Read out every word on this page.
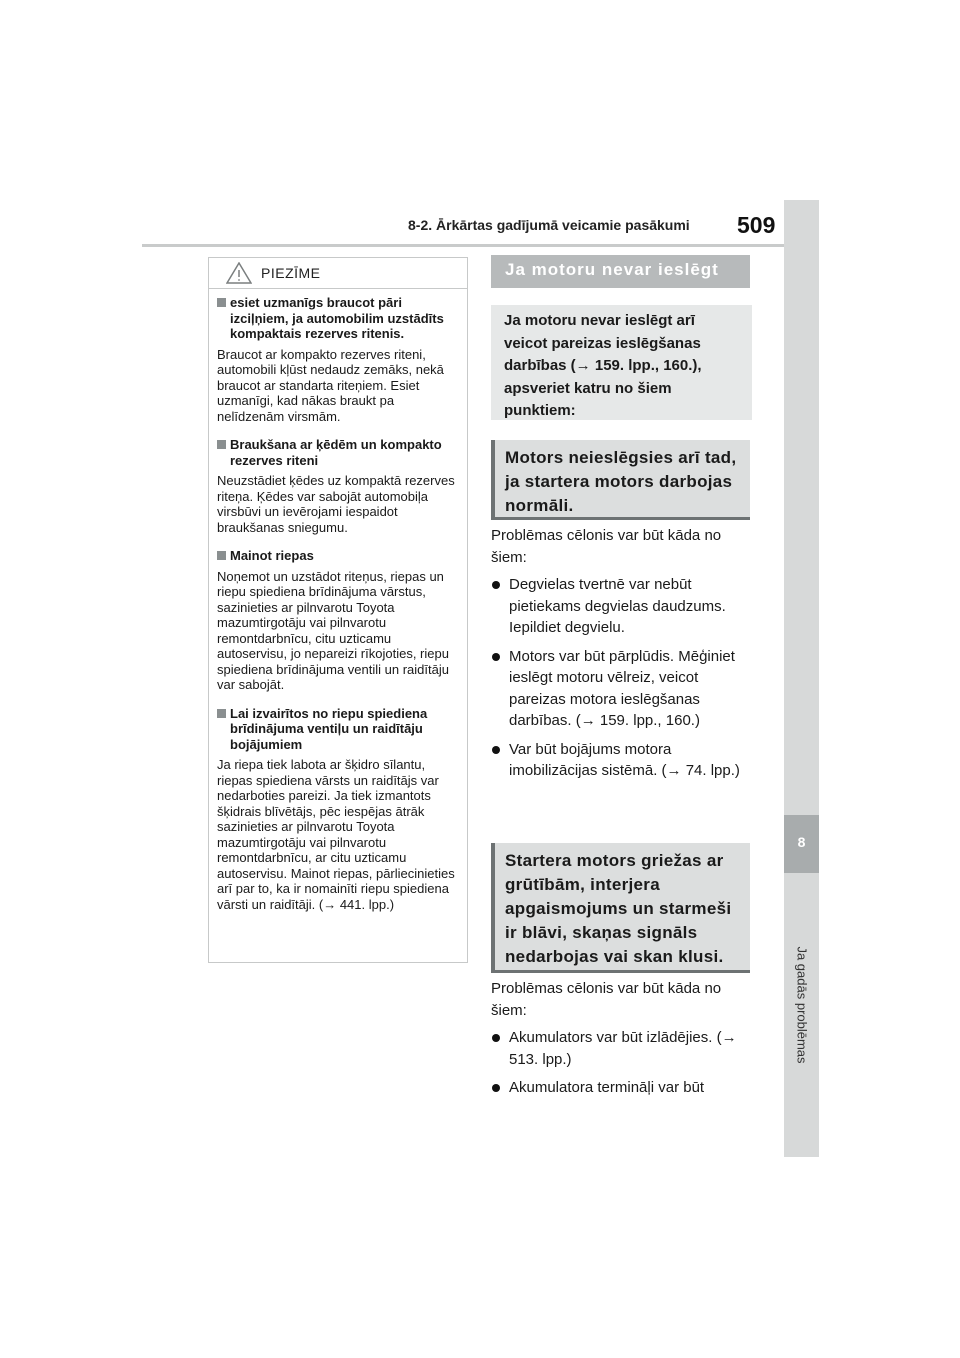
8-2. Ārkārtas gadījumā veicamie pasākumi 509
8
Ja gadās problēmas
PIEZĪME
esiet uzmanīgs braucot pāri izciļņiem, ja automobilim uzstādīts kompaktais rezerves ritenis.
Braucot ar kompakto rezerves riteni, automobili kļūst nedaudz zemāks, nekā braucot ar standarta riteņiem. Esiet uzmanīgi, kad nākas braukt pa nelīdzenām virsmām.
Braukšana ar ķēdēm un kompakto rezerves riteni
Neuzstādiet ķēdes uz kompaktā rezerves riteņa. Ķēdes var sabojāt automobiļa virsbūvi un ievērojami iespaidot braukšanas sniegumu.
Mainot riepas
Noņemot un uzstādot riteņus, riepas un riepu spiediena brīdinājuma vārstus, sazinieties ar pilnvarotu Toyota mazumtirgotāju vai pilnvarotu remontdarbnīcu, citu uzticamu autoservisu, jo nepareizi rīkojoties, riepu spiediena brīdinājuma ventili un raidītāju var sabojāt.
Lai izvairītos no riepu spiediena brīdinājuma ventiļu un raidītāju bojājumiem
Ja riepa tiek labota ar šķidro sīlantu, riepas spiediena vārsts un raidītājs var nedarboties pareizi. Ja tiek izmantots šķidrais blīvētājs, pēc iespējas ātrāk sazinieties ar pilnvarotu Toyota mazumtirgotāju vai pilnvarotu remontdarbnīcu, ar citu uzticamu autoservisu. Mainot riepas, pārliecinieties arī par to, ka ir nomainīti riepu spiediena vārsti un raidītāji. (→ 441. lpp.)
Ja motoru nevar ieslēgt
Ja motoru nevar ieslēgt arī veicot pareizas ieslēgšanas darbības (→ 159. lpp., 160.), apsveriet katru no šiem punktiem:
Motors neieslēgsies arī tad, ja startera motors darbojas normāli.
Problēmas cēlonis var būt kāda no šiem:
Degvielas tvertnē var nebūt pietiekams degvielas daudzums. Iepildiet degvielu.
Motors var būt pārplūdis. Mēģiniet ieslēgt motoru vēlreiz, veicot pareizas motora ieslēgšanas darbības. (→ 159. lpp., 160.)
Var būt bojājums motora imobilizācijas sistēmā. (→ 74. lpp.)
Startera motors griežas ar grūtībām, interjera apgaismojums un starmeši ir blāvi, skaņas signāls nedarbojas vai skan klusi.
Problēmas cēlonis var būt kāda no šiem:
Akumulators var būt izlādējies. (→ 513. lpp.)
Akumulatora termināļi var būt
